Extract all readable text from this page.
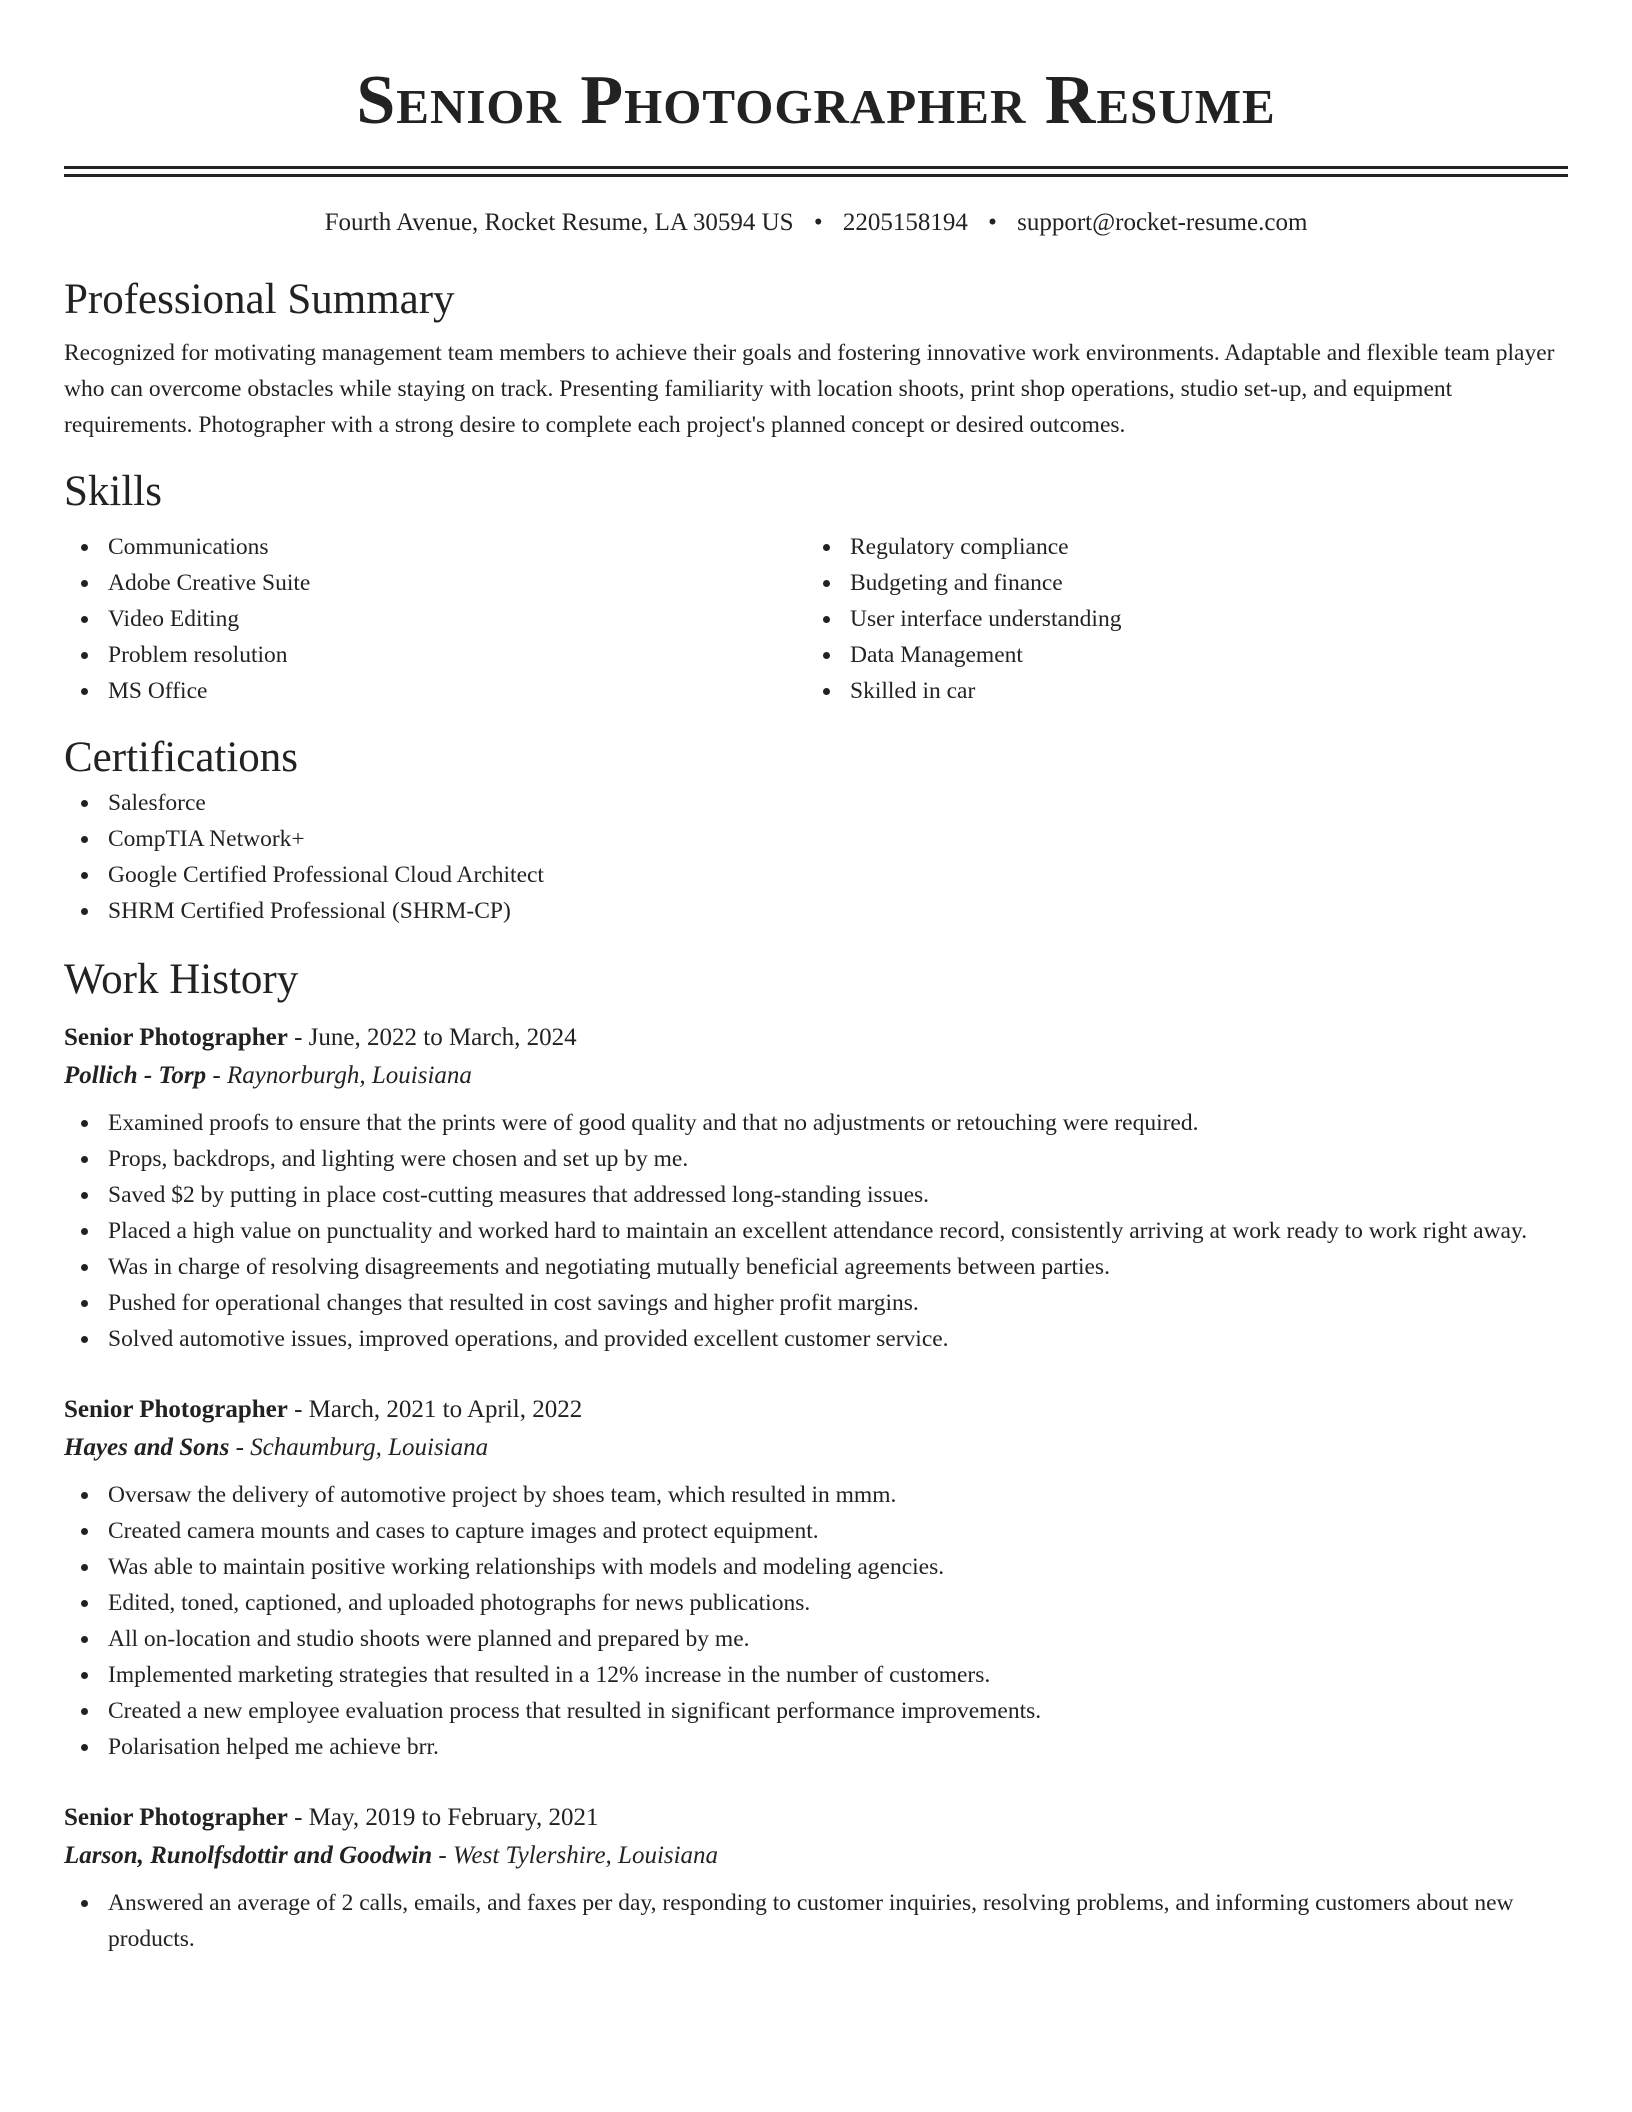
Senior Photographer Resume
Fourth Avenue, Rocket Resume, LA 30594 US • 2205158194 • support@rocket-resume.com
Professional Summary

Recognized for motivating management team members to achieve their goals and fostering innovative work environments. Adaptable and flexible team player who can overcome obstacles while staying on track. Presenting familiarity with location shoots, print shop operations, studio set-up, and equipment requirements. Photographer with a strong desire to complete each project's planned concept or desired outcomes.

Skills
Communications
Adobe Creative Suite
Video Editing
Problem resolution
MS Office
Regulatory compliance
Budgeting and finance
User interface understanding
Data Management
Skilled in car
Certifications
Salesforce
CompTIA Network+
Google Certified Professional Cloud Architect
SHRM Certified Professional (SHRM-CP)
Work History
Senior Photographer - June, 2022 to March, 2024
Pollich - Torp - Raynorburgh, Louisiana
Examined proofs to ensure that the prints were of good quality and that no adjustments or retouching were required.
Props, backdrops, and lighting were chosen and set up by me.
Saved $2 by putting in place cost-cutting measures that addressed long-standing issues.
Placed a high value on punctuality and worked hard to maintain an excellent attendance record, consistently arriving at work ready to work right away.
Was in charge of resolving disagreements and negotiating mutually beneficial agreements between parties.
Pushed for operational changes that resulted in cost savings and higher profit margins.
Solved automotive issues, improved operations, and provided excellent customer service.
Senior Photographer - March, 2021 to April, 2022
Hayes and Sons - Schaumburg, Louisiana
Oversaw the delivery of automotive project by shoes team, which resulted in mmm.
Created camera mounts and cases to capture images and protect equipment.
Was able to maintain positive working relationships with models and modeling agencies.
Edited, toned, captioned, and uploaded photographs for news publications.
All on-location and studio shoots were planned and prepared by me.
Implemented marketing strategies that resulted in a 12% increase in the number of customers.
Created a new employee evaluation process that resulted in significant performance improvements.
Polarisation helped me achieve brr.
Senior Photographer - May, 2019 to February, 2021
Larson, Runolfsdottir and Goodwin - West Tylershire, Louisiana
Answered an average of 2 calls, emails, and faxes per day, responding to customer inquiries, resolving problems, and informing customers about new products.
